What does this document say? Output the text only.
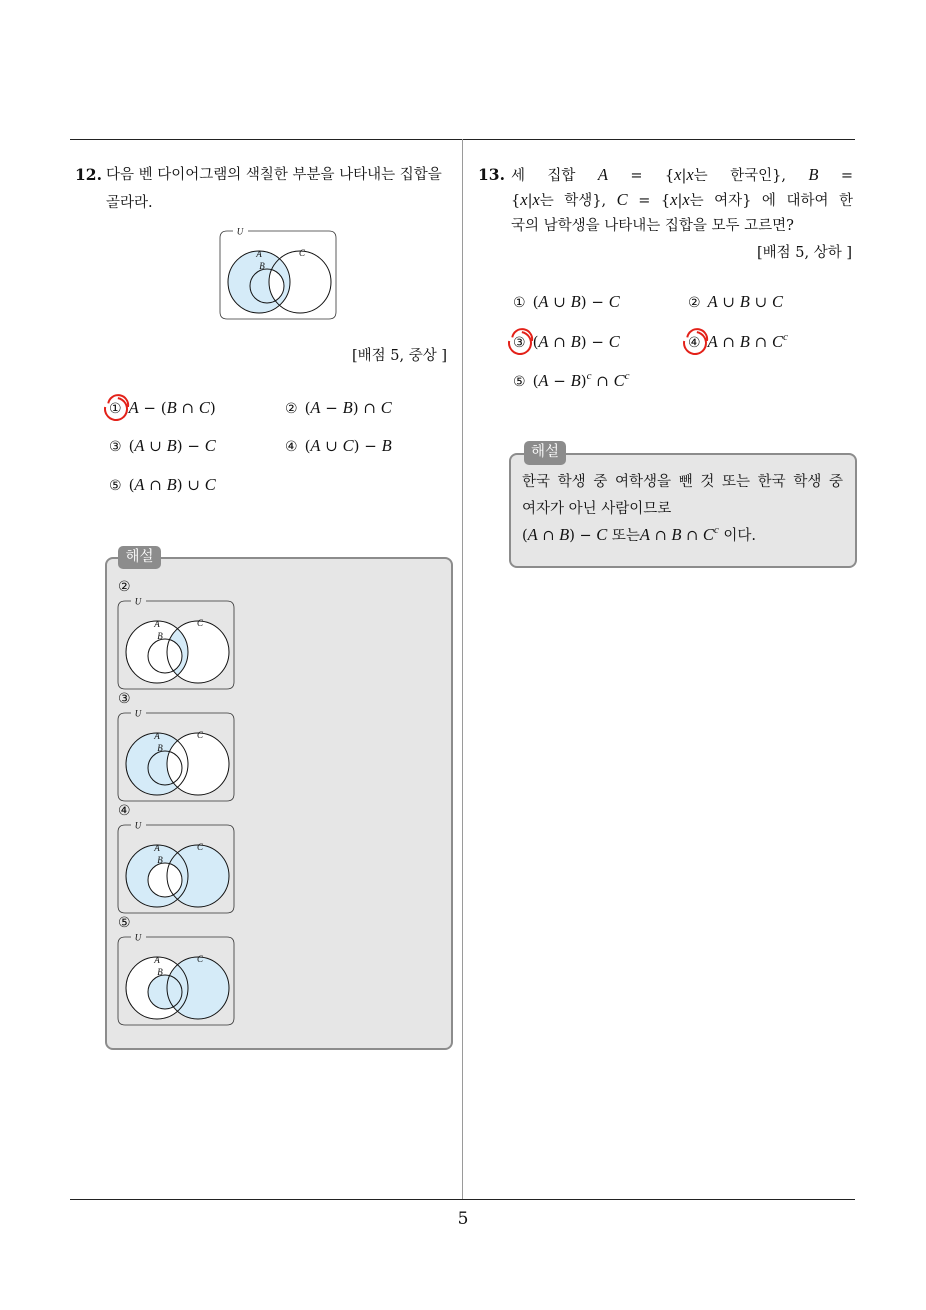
5
12. 다음 벤 다이어그램의 색칠한 부분을 나타내는 집합을
골라라.
U
A
B
C
[배점 5, 중상 ]
① A − (B ∩ C)	② (A − B) ∩ C
③ (A ∪ B) − C	④ (A ∪ C) − B
⑤ (A ∩ B) ∪ C
해설
②
U
A
B
C
③
U
A
B
C
④
U
A
B
C
⑤
U
A
B
C
13. 세 집합 A = {x|x는 한국인}, B =
{x|x는 학생}, C = {x|x는 여자} 에 대하여 한
국의 남학생을 나타내는 집합을 모두 고르면?
[배점 5, 상하 ]
① (A ∪ B) − C	② A ∪ B ∪ C
③ (A ∩ B) − C	④ A ∩ B ∩ $C^c$
⑤ $(A - B)^c$ ∩ $C^c$
해설
한국 학생 중 여학생을 뺀 것 또는 한국 학생 중
여자가 아닌 사람이므로
(A ∩ B) − C 또는A ∩ B ∩ $C^c$ 이다.
